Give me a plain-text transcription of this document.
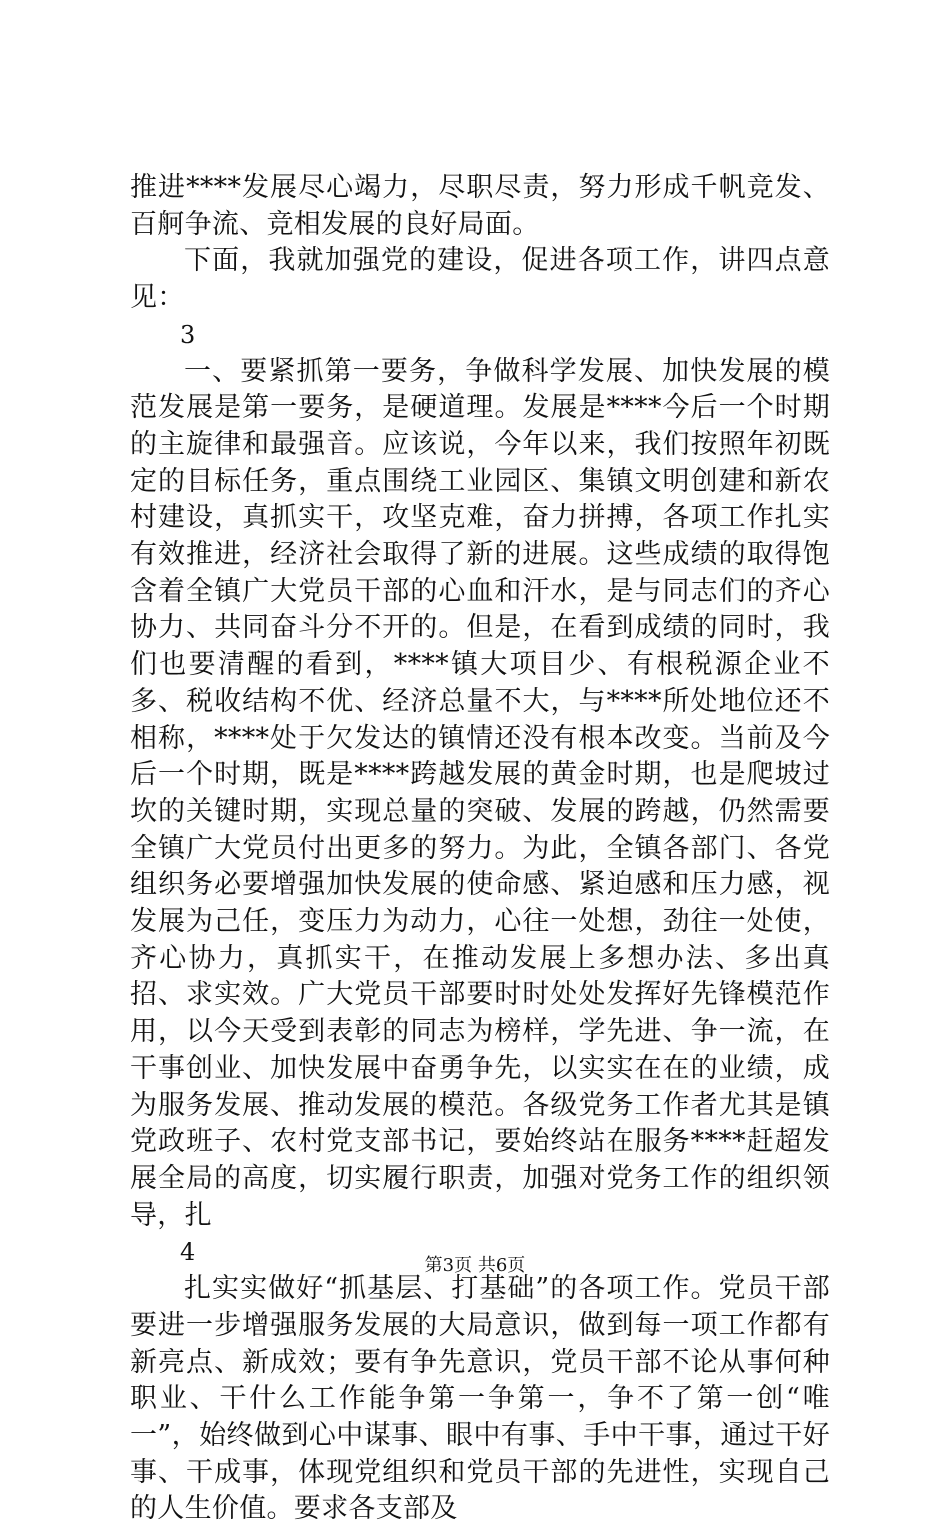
推进****发展尽心竭力，尽职尽责，努力形成千帆竞发、百舸争流、竞相发展的良好局面。

下面，我就加强党的建设，促进各项工作，讲四点意见：

3

一、要紧抓第一要务，争做科学发展、加快发展的模范发展是第一要务，是硬道理。发展是****今后一个时期的主旋律和最强音。应该说，今年以来，我们按照年初既定的目标任务，重点围绕工业园区、集镇文明创建和新农村建设，真抓实干，攻坚克难，奋力拼搏，各项工作扎实有效推进，经济社会取得了新的进展。这些成绩的取得饱含着全镇广大党员干部的心血和汗水，是与同志们的齐心协力、共同奋斗分不开的。但是，在看到成绩的同时，我们也要清醒的看到，****镇大项目少、有根税源企业不多、税收结构不优、经济总量不大，与****所处地位还不相称，****处于欠发达的镇情还没有根本改变。当前及今后一个时期，既是****跨越发展的黄金时期，也是爬坡过坎的关键时期，实现总量的突破、发展的跨越，仍然需要全镇广大党员付出更多的努力。为此，全镇各部门、各党组织务必要增强加快发展的使命感、紧迫感和压力感，视发展为己任，变压力为动力，心往一处想，劲往一处使，齐心协力，真抓实干，在推动发展上多想办法、多出真招、求实效。广大党员干部要时时处处发挥好先锋模范作用，以今天受到表彰的同志为榜样，学先进、争一流，在干事创业、加快发展中奋勇争先，以实实在在的业绩，成为服务发展、推动发展的模范。各级党务工作者尤其是镇党政班子、农村党支部书记，要始终站在服务****赶超发展全局的高度，切实履行职责，加强对党务工作的组织领导，扎

4

扎实实做好“抓基层、打基础”的各项工作。党员干部要进一步增强服务发展的大局意识，做到每一项工作都有新亮点、新成效；要有争先意识，党员干部不论从事何种职业、干什么工作能争第一争第一，争不了第一创“唯一”，始终做到心中谋事、眼中有事、手中干事，通过干好事、干成事，体现党组织和党员干部的先进性，实现自己的人生价值。要求各支部及

第3页 共6页
